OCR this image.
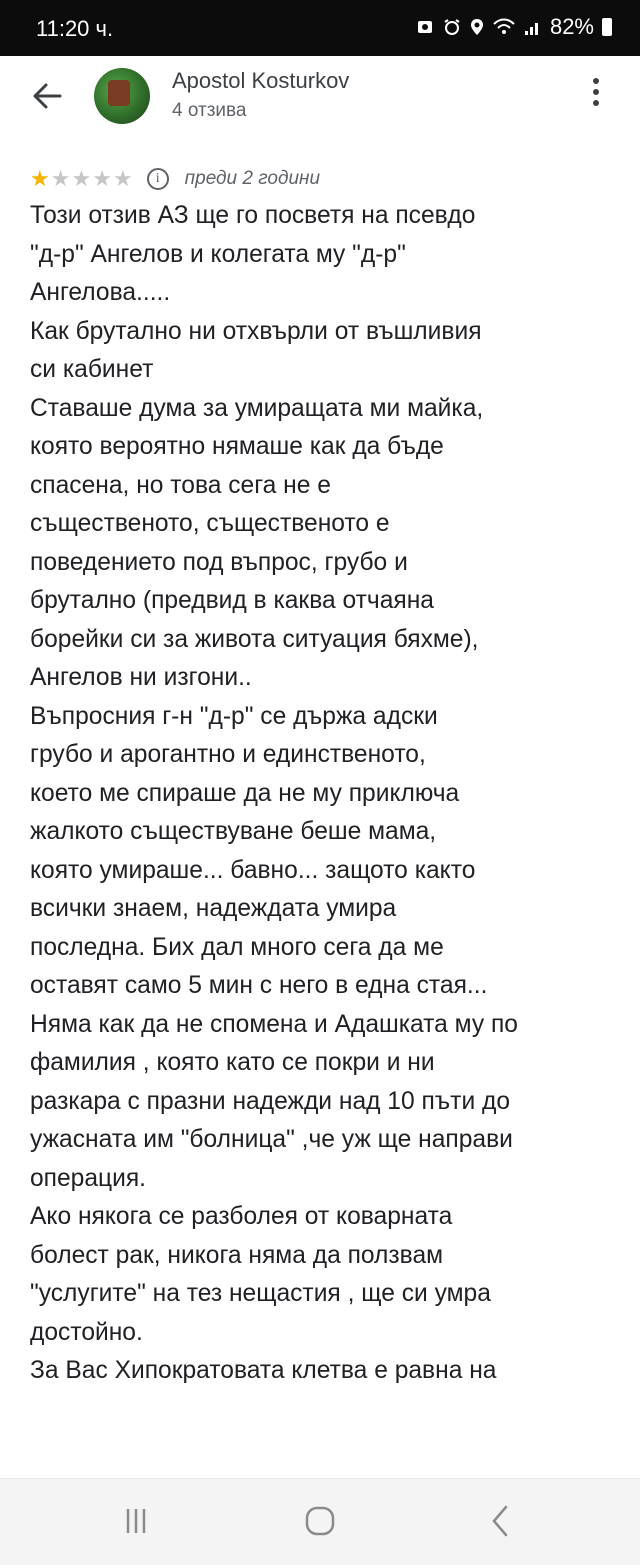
11:20 ч.	82%
Apostol Kosturkov
4 отзива
★ ★ ★ ★ ★	i	преди 2 години

Този отзив АЗ ще го посветя на псевдо

"д-р" Ангелов и колегата му "д-р"

Ангелова.....

Как брутално ни отхвърли от въшливия

си кабинет

Ставаше дума за умиращата ми майка,

която вероятно нямаше как да бъде

спасена, но това сега не е

същественото, същественото е

поведението под въпрос, грубо и

брутално (предвид в каква отчаяна

борейки си за живота ситуация бяхме),

Ангелов ни изгони..

Въпросния г-н "д-р" се държа адски

грубо и арогантно и единственото,

което ме спираше да не му приключа

жалкото съществуване беше мама,

която умираше... бавно... защото както

всички знаем, надеждата умира

последна. Бих дал много сега да ме

оставят само 5 мин с него в една стая...

Няма как да не спомена и Адашката му по

фамилия , която като се покри и ни

разкара с празни надежди над 10 пъти до

ужасната им "болница" ,че уж ще направи

операция.

Ако някога се разболея от коварната

болест рак, никога няма да ползвам

"услугите" на тез нещастия , ще си умра

достойно.

За Вас Хипократовата клетва е равна на
